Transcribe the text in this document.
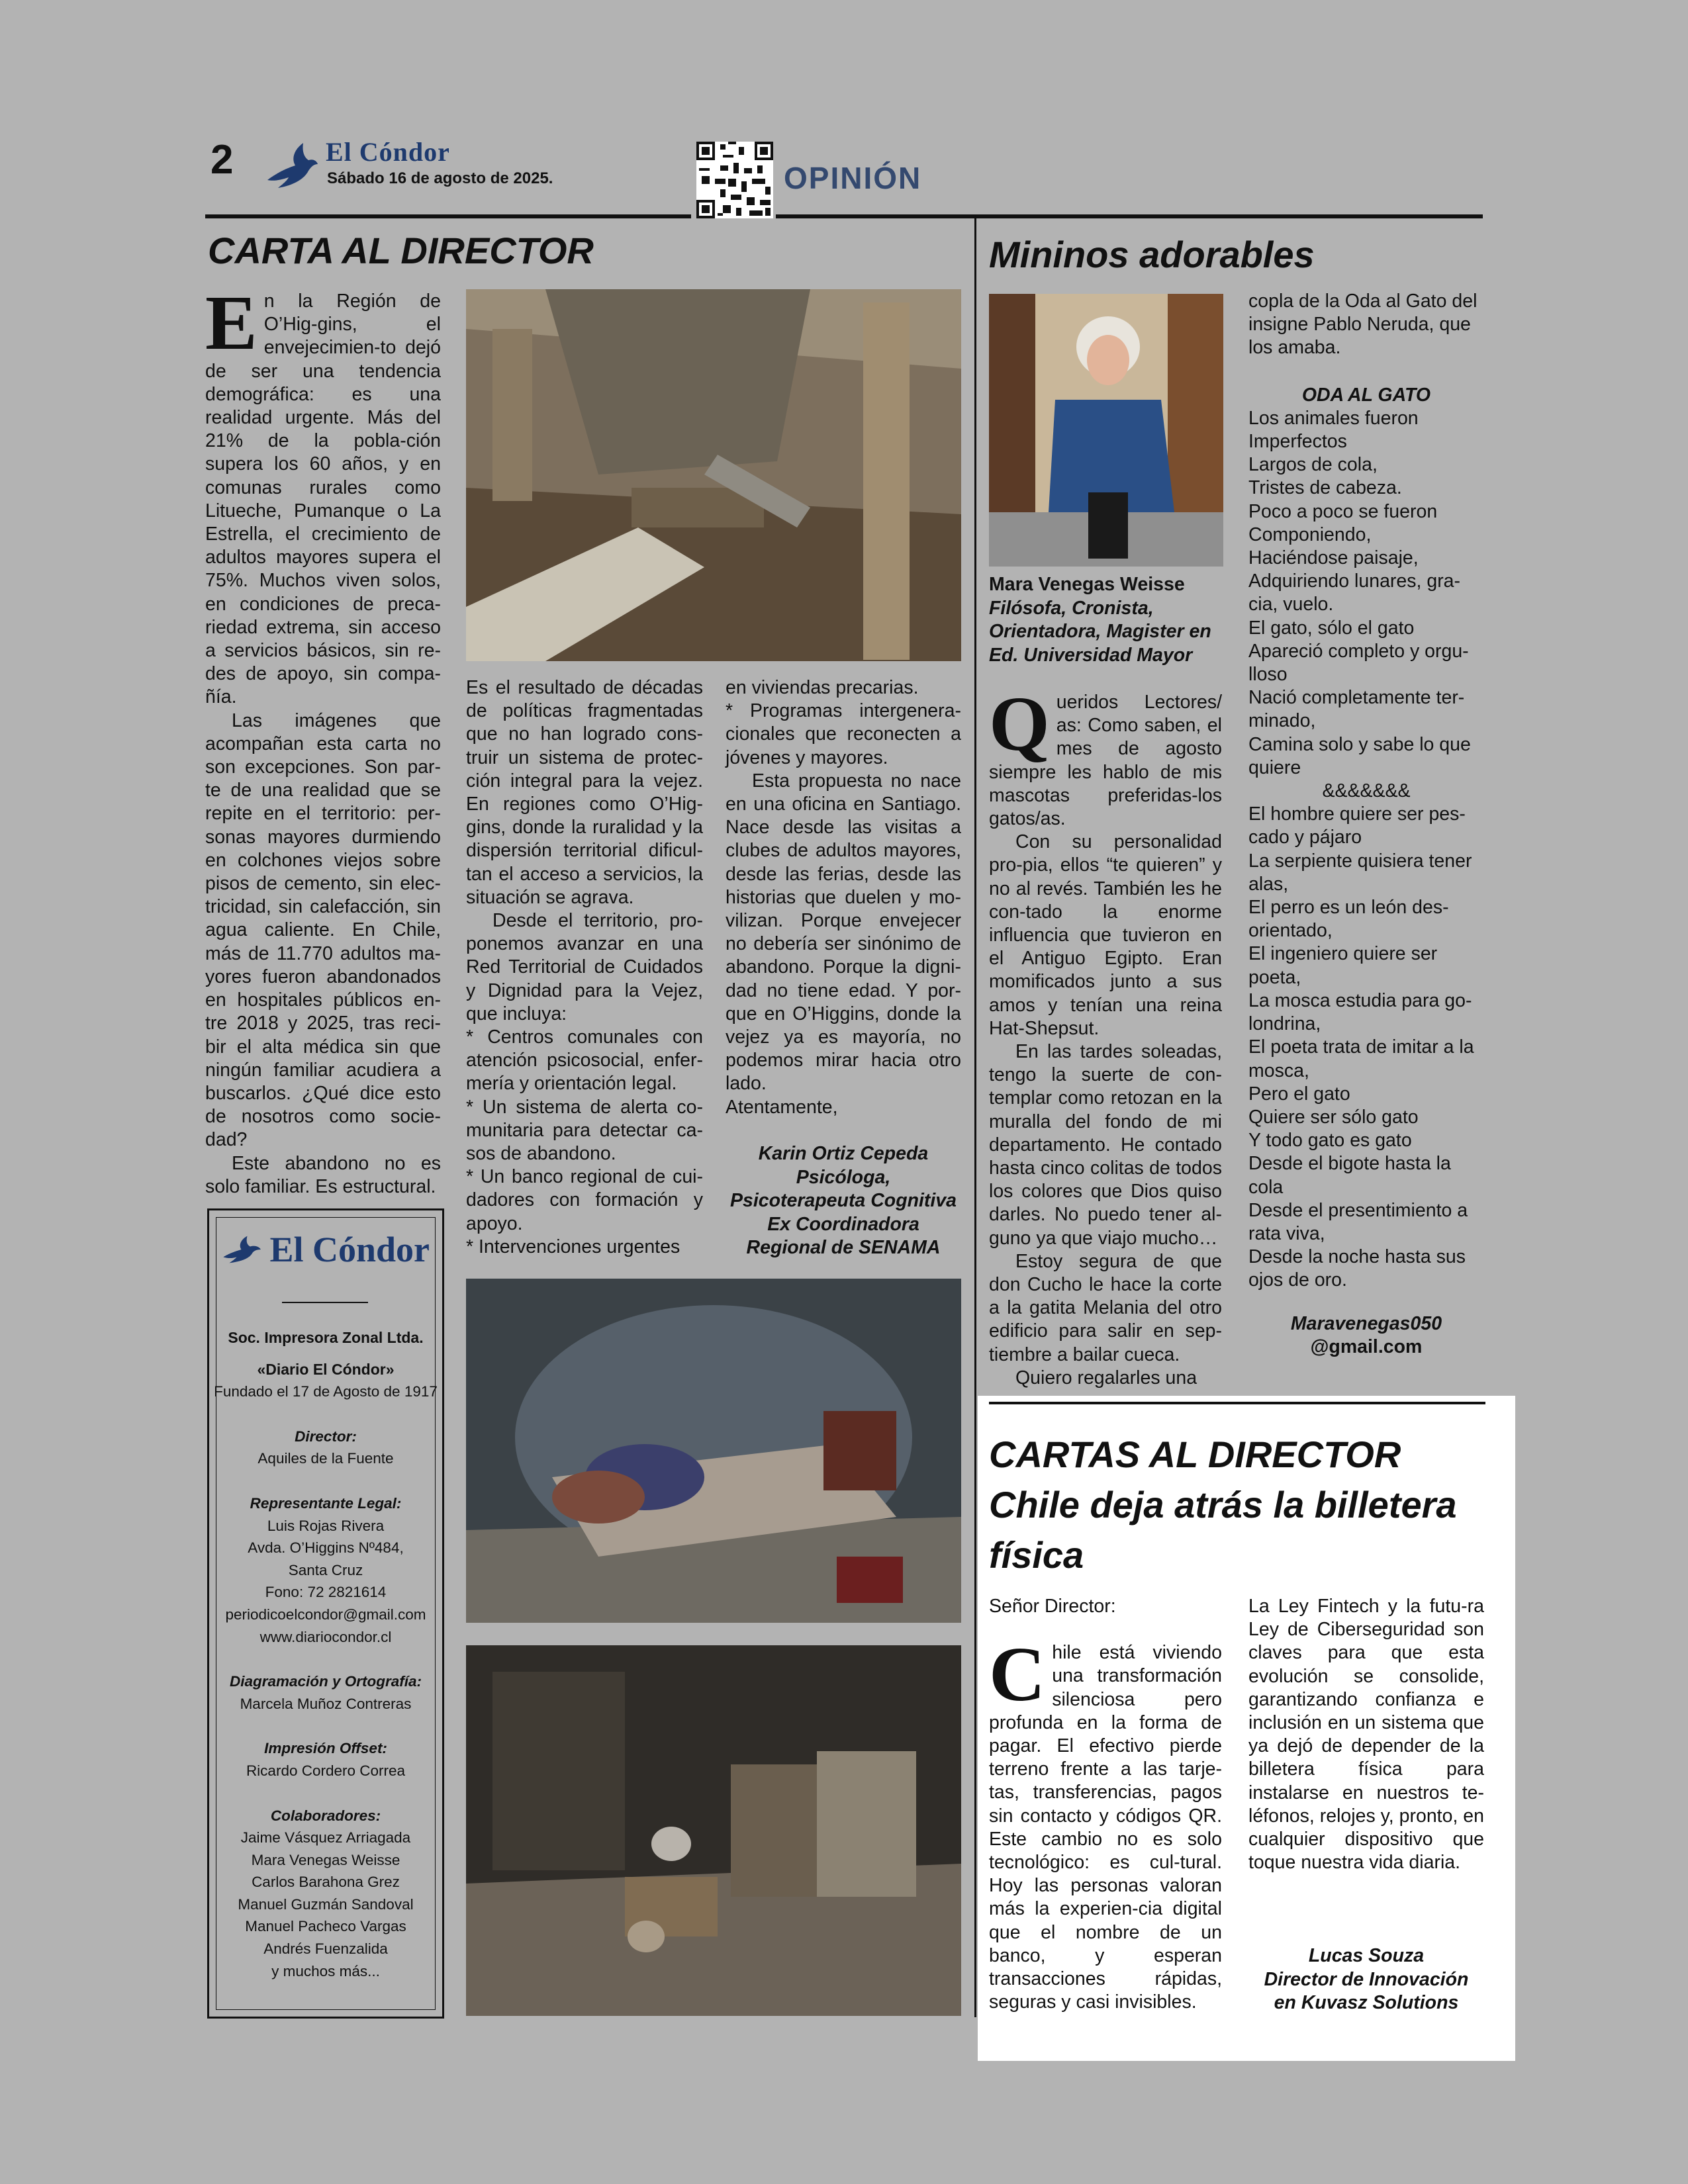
2	El Cóndor
Sábado 16 de agosto de 2025.	OPINIÓN
CARTA AL DIRECTOR
E n la Región de O’Hig-gins, el envejecimien-to dejó de ser una tendencia demográfica: es una realidad urgente. Más del 21% de la pobla-ción supera los 60 años, y en comunas rurales como Litueche, Pumanque o La Estrella, el crecimiento de adultos mayores supera el 75%. Muchos viven solos, en condiciones de preca-riedad extrema, sin acceso a servicios básicos, sin re-des de apoyo, sin compa-ñía.

Las imágenes que acompañan esta carta no son excepciones. Son par-te de una realidad que se repite en el territorio: per-sonas mayores durmiendo en colchones viejos sobre pisos de cemento, sin elec-tricidad, sin calefacción, sin agua caliente. En Chile, más de 11.770 adultos ma-yores fueron abandonados en hospitales públicos en-tre 2018 y 2025, tras reci-bir el alta médica sin que ningún familiar acudiera a buscarlos. ¿Qué dice esto de nosotros como socie-dad?

Este abandono no es solo familiar. Es estructural.

Es el resultado de décadas de políticas fragmentadas que no han logrado cons-truir un sistema de protec-ción integral para la vejez. En regiones como O’Hig-gins, donde la ruralidad y la dispersión territorial dificul-tan el acceso a servicios, la situación se agrava.

Desde el territorio, pro-ponemos avanzar en una Red Territorial de Cuidados y Dignidad para la Vejez, que incluya:

* Centros comunales con atención psicosocial, enfer-mería y orientación legal.

* Un sistema de alerta co-munitaria para detectar ca-sos de abandono.

* Un banco regional de cui-dadores con formación y apoyo.

* Intervenciones urgentes

en viviendas precarias.

* Programas intergenera-cionales que reconecten a jóvenes y mayores.

Esta propuesta no nace en una oficina en Santiago. Nace desde las visitas a clubes de adultos mayores, desde las ferias, desde las historias que duelen y mo-vilizan. Porque envejecer no debería ser sinónimo de abandono. Porque la digni-dad no tiene edad. Y por-que en O’Higgins, donde la vejez ya es mayoría, no podemos mirar hacia otro lado.

Atentamente,

Karin Ortiz Cepeda
Psicóloga,
Psicoterapeuta Cognitiva
Ex Coordinadora
Regional de SENAMA
El Cóndor
Soc. Impresora Zonal Ltda.
«Diario El Cóndor»
Fundado el 17 de Agosto de 1917
Director:
Aquiles de la Fuente
Representante Legal:
Luis Rojas Rivera
Avda. O’Higgins Nº484,
Santa Cruz
Fono: 72 2821614
periodicoelcondor@gmail.com
www.diariocondor.cl
Diagramación y Ortografía:
Marcela Muñoz Contreras
Impresión Offset:
Ricardo Cordero Correa
Colaboradores:
Jaime Vásquez Arriagada
Mara Venegas Weisse
Carlos Barahona Grez
Manuel Guzmán Sandoval
Manuel Pacheco Vargas
Andrés Fuenzalida
y muchos más...
Mininos adorables
Mara Venegas Weisse
Filósofa, Cronista, Orientadora, Magister en Ed. Universidad Mayor
Q ueridos Lectores/ as: Como saben, el mes de agosto siempre les hablo de mis mascotas preferidas-los gatos/as.

Con su personalidad pro-pia, ellos “te quieren” y no al revés. También les he con-tado la enorme influencia que tuvieron en el Antiguo Egipto. Eran momificados junto a sus amos y tenían una reina Hat-Shepsut.

En las tardes soleadas, tengo la suerte de con-templar como retozan en la muralla del fondo de mi departamento. He contado hasta cinco colitas de todos los colores que Dios quiso darles. No puedo tener al-guno ya que viajo mucho…

Estoy segura de que don Cucho le hace la corte a la gatita Melania del otro edificio para salir en sep-tiembre a bailar cueca.

Quiero regalarles una

copla de la Oda al Gato del insigne Pablo Neruda, que los amaba.
ODA AL GATO
Los animales fueron
Imperfectos
Largos de cola,
Tristes de cabeza.
Poco a poco se fueron
Componiendo,
Haciéndose paisaje,
Adquiriendo lunares, gra-cia, vuelo.
El gato, sólo el gato
Apareció completo y orgu-lloso
Nació completamente ter-minado,
Camina solo y sabe lo que quiere
&&&&&&&
El hombre quiere ser pes-cado y pájaro
La serpiente quisiera tener alas,
El perro es un león des-orientado,
El ingeniero quiere ser poeta,
La mosca estudia para go-londrina,
El poeta trata de imitar a la mosca,
Pero el gato
Quiere ser sólo gato
Y todo gato es gato
Desde el bigote hasta la cola
Desde el presentimiento a rata viva,
Desde la noche hasta sus ojos de oro.
Maravenegas050
@gmail.com
CARTAS AL DIRECTOR
Chile deja atrás la billetera física

Señor Director:

C hile está viviendo una transformación silenciosa pero profunda en la forma de pagar. El efectivo pierde terreno frente a las tarje-tas, transferencias, pagos sin contacto y códigos QR. Este cambio no es solo tecnológico: es cul-tural. Hoy las personas valoran más la experien-cia digital que el nombre de un banco, y esperan transacciones rápidas, seguras y casi invisibles.

La Ley Fintech y la futu-ra Ley de Ciberseguridad son claves para que esta evolución se consolide, garantizando confianza e inclusión en un sistema que ya dejó de depender de la billetera física para instalarse en nuestros te-léfonos, relojes y, pronto, en cualquier dispositivo que toque nuestra vida diaria.

Lucas Souza
Director de Innovación
en Kuvasz Solutions
